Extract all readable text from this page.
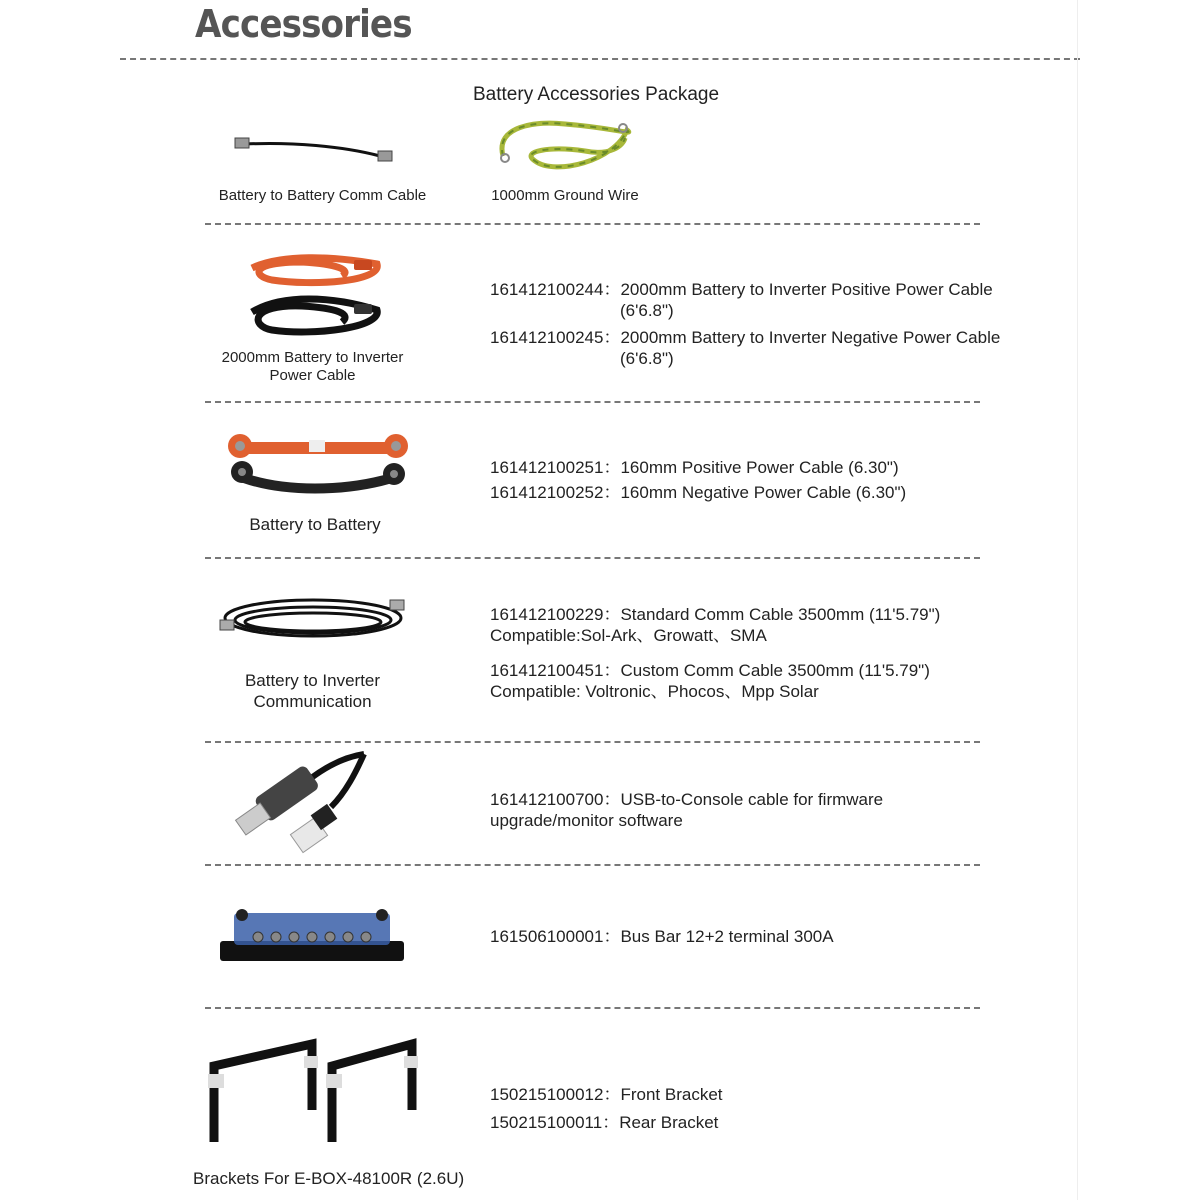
Accessories
Battery Accessories Package
Battery to Battery Comm Cable	1000mm Ground Wire
2000mm Battery to Inverter
Power Cable
161412100244：2000mm Battery to Inverter Positive Power Cable
(6'6.8")
161412100245：2000mm Battery to Inverter Negative Power Cable
(6'6.8")
Battery to Battery
161412100251：160mm Positive Power Cable (6.30")
161412100252：160mm Negative Power Cable (6.30")
Battery to Inverter
Communication
161412100229：Standard Comm Cable 3500mm (11'5.79")
Compatible:Sol-Ark、Growatt、SMA
161412100451：Custom Comm Cable 3500mm (11'5.79")
Compatible: Voltronic、Phocos、Mpp Solar
161412100700：USB-to-Console cable for firmware
upgrade/monitor software
161506100001：Bus Bar 12+2 terminal 300A
Brackets For E-BOX-48100R (2.6U)
150215100012：Front Bracket
150215100011：Rear Bracket
